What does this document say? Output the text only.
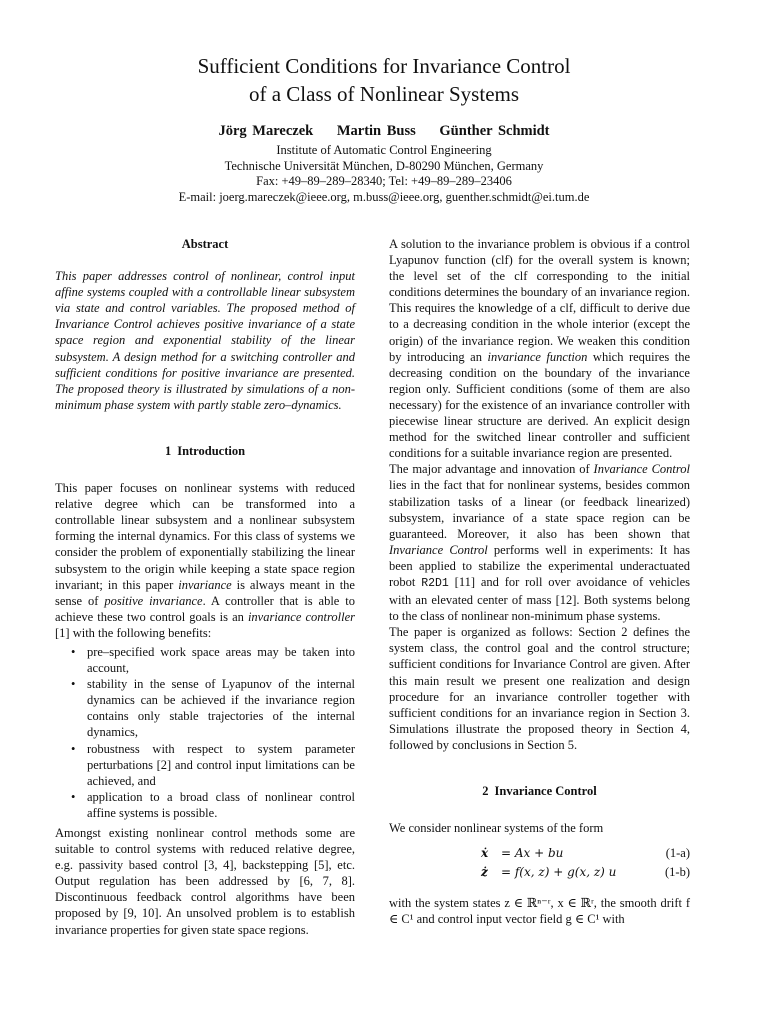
Sufficient Conditions for Invariance Control
of a Class of Nonlinear Systems
Jörg Mareczek Martin Buss Günther Schmidt
Institute of Automatic Control Engineering
Technische Universität München, D-80290 München, Germany
Fax: +49–89–289–28340; Tel: +49–89–289–23406
E-mail: joerg.mareczek@ieee.org, m.buss@ieee.org, guenther.schmidt@ei.tum.de
Abstract

This paper addresses control of nonlinear, control input affine systems coupled with a controllable linear subsystem via state and control variables. The proposed method of Invariance Control achieves positive invariance of a state space region and exponential stability of the linear subsystem. A design method for a switching controller and sufficient conditions for positive invariance are presented. The proposed theory is illustrated by simulations of a non-minimum phase system with partly stable zero–dynamics.

1 Introduction

This paper focuses on nonlinear systems with reduced relative degree which can be transformed into a controllable linear subsystem and a nonlinear subsystem forming the internal dynamics. For this class of systems we consider the problem of exponentially stabilizing the linear subsystem to the origin while keeping a state space region invariant; in this paper invariance is always meant in the sense of positive invariance. A controller that is able to achieve these two control goals is an invariance controller [1] with the following benefits:

• pre–specified work space areas may be taken into account,
• stability in the sense of Lyapunov of the internal dynamics can be achieved if the invariance region contains only stable trajectories of the internal dynamics,
• robustness with respect to system parameter perturbations [2] and control input limitations can be achieved, and
• application to a broad class of nonlinear control affine systems is possible.

Amongst existing nonlinear control methods some are suitable to control systems with reduced relative degree, e.g. passivity based control [3, 4], backstepping [5], etc. Output regulation has been addressed by [6, 7, 8]. Discontinuous feedback control algorithms have been proposed by [9, 10]. An unsolved problem is to establish invariance properties for given state space regions.

A solution to the invariance problem is obvious if a control Lyapunov function (clf) for the overall system is known; the level set of the clf corresponding to the initial conditions determines the boundary of an invariance region. This requires the knowledge of a clf, difficult to derive due to a decreasing condition in the whole interior (except the origin) of the invariance region. We weaken this condition by introducing an invariance function which requires the decreasing condition on the boundary of the invariance region only. Sufficient conditions (some of them are also necessary) for the existence of an invariance controller with piecewise linear structure are derived. An explicit design method for the switched linear controller and sufficient conditions for a suitable invariance region are presented.

The major advantage and innovation of Invariance Control lies in the fact that for nonlinear systems, besides common stabilization tasks of a linear (or feedback linearized) subsystem, invariance of a state space region can be guaranteed. Moreover, it also has been shown that Invariance Control performs well in experiments: It has been applied to stabilize the experimental underactuated robot R2D1 [11] and for roll over avoidance of vehicles with an elevated center of mass [12]. Both systems belong to the class of nonlinear non-minimum phase systems.

The paper is organized as follows: Section 2 defines the system class, the control goal and the control structure; sufficient conditions for Invariance Control are given. After this main result we present one realization and design procedure for an invariance controller together with sufficient conditions for an invariance region in Section 3. Simulations illustrate the proposed theory in Section 4, followed by conclusions in Section 5.

2 Invariance Control

We consider nonlinear systems of the form

ẋ = Ax + bu	(1-a)
ż = f(x, z) + g(x, z) u	(1-b)

with the system states z ∈ ℝⁿ⁻ʳ, x ∈ ℝʳ, the smooth drift f ∈ C¹ and control input vector field g ∈ C¹ with
